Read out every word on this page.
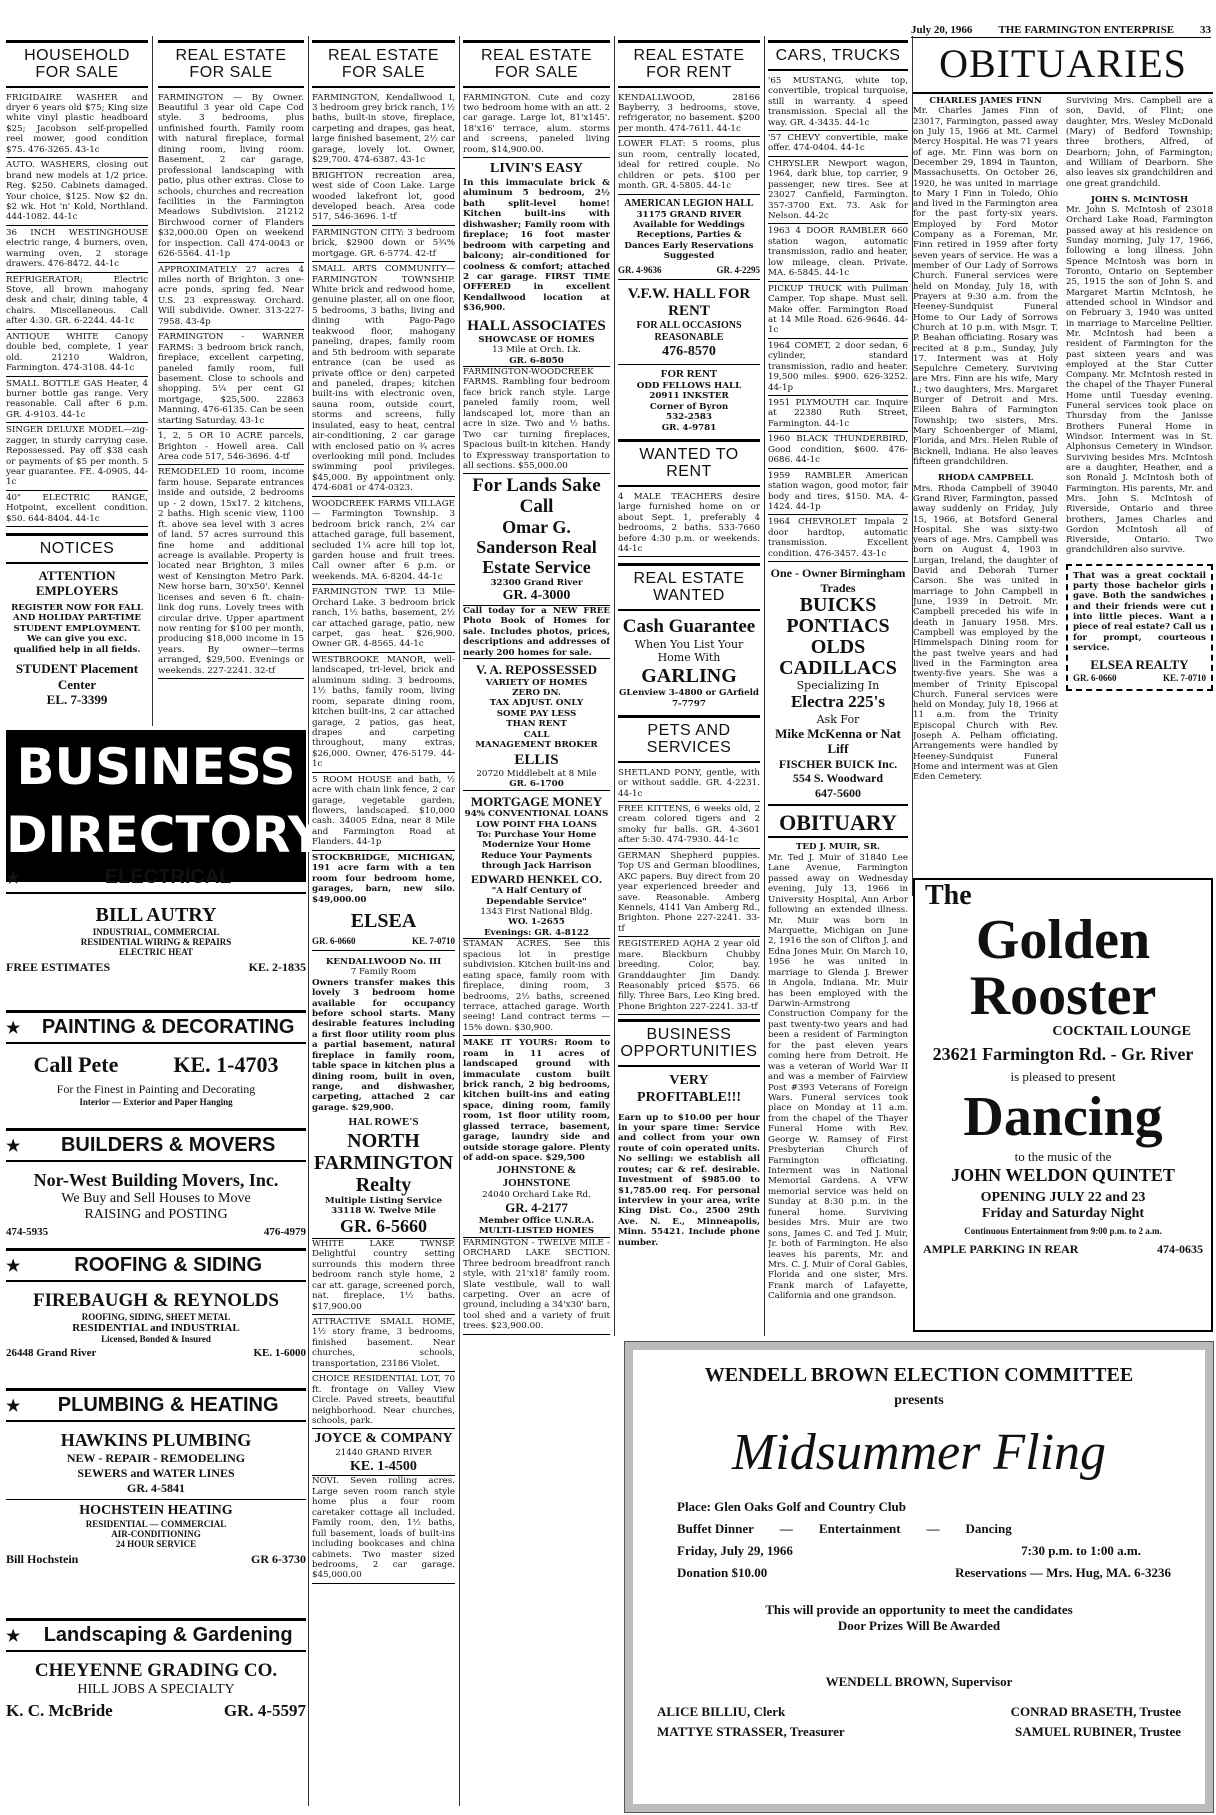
July 20, 1966 THE FARMINGTON ENTERPRISE 33
HOUSEHOLD FOR SALE
FRIGIDAIRE WASHER and dryer 6 years old $75; King size white vinyl plastic headboard $25; Jacobson self-propelled reel mower, good condition $75. 476-3265. 43-1c
AUTO. WASHERS, closing out brand new models at 1/2 price. Reg. $250. Cabinets damaged. Your choice, $125. Now $2 dn. $2 wk. Hot 'n' Kold, Northland. 444-1082. 44-1c
36 INCH WESTINGHOUSE electric range, 4 burners, oven, warming oven, 2 storage drawers. 476-8472. 44-1c
REFRIGERATOR; Electric Stove, all brown mahogany desk and chair, dining table, 4 chairs. Miscellaneous. Call after 4:30. GR. 6-2244. 44-1c
ANTIQUE WHITE Canopy double bed, complete, 1 year old. 21210 Waldron, Farmington. 474-3108. 44-1c
SMALL BOTTLE GAS Heater, 4 burner bottle gas range. Very reasonable. Call after 6 p.m. GR. 4-9103. 44-1c
SINGER DELUXE MODEL—zig-zagger, in sturdy carrying case. Repossessed. Pay off $38 cash or payments of $5 per month. 5 year guarantee. FE. 4-0905. 44-1c
40" ELECTRIC RANGE, Hotpoint, excellent condition. $50. 644-8404. 44-1c
NOTICES
ATTENTION EMPLOYERS
REGISTER NOW FOR FALL AND HOLIDAY PART-TIME STUDENT EMPLOYMENT. We can give you exc. qualified help in all fields.
STUDENT Placement Center
EL. 7-3399
BUSINESS
DIRECTORY
★	ELECTRICAL
BILL AUTRY
INDUSTRIAL, COMMERCIAL
RESIDENTIAL WIRING & REPAIRS
ELECTRIC HEAT
FREE ESTIMATES	KE. 2-1835
★	PAINTING & DECORATING
Call Pete KE. 1-4703
For the Finest in Painting and Decorating
Interior — Exterior and Paper Hanging
★	BUILDERS & MOVERS
Nor-West Building Movers, Inc.
We Buy and Sell Houses to Move
RAISING and POSTING
474-5935	476-4979
★	ROOFING & SIDING
FIREBAUGH & REYNOLDS
ROOFING, SIDING, SHEET METAL
RESIDENTIAL and INDUSTRIAL
Licensed, Bonded & Insured
26448 Grand River	KE. 1-6000
★	PLUMBING & HEATING
HAWKINS PLUMBING
NEW - REPAIR - REMODELING
SEWERS and WATER LINES
GR. 4-5841
HOCHSTEIN HEATING
RESIDENTIAL — COMMERCIAL
AIR-CONDITIONING
24 HOUR SERVICE
Bill Hochstein	GR 6-3730
★	Landscaping & Gardening
CHEYENNE GRADING CO.
HILL JOBS A SPECIALTY
K. C. McBride	GR. 4-5597
REAL ESTATE FOR SALE
FARMINGTON — By Owner. Beautiful 3 year old Cape Cod style. 3 bedrooms, plus unfinished fourth. Family room with natural fireplace, formal dining room, living room. Basement, 2 car garage, professional landscaping with patio, plus other extras. Close to schools, churches and recreation facilities in the Farmington Meadows Subdivision. 21212 Birchwood corner of Flanders $32,000.00 Open on weekend for inspection. Call 474-0043 or 626-5564. 41-1p
APPROXIMATELY 27 acres 4 miles north of Brighton. 3 one-acre ponds, spring fed. Near U.S. 23 expressway. Orchard. Will subdivide. Owner. 313-227-7958. 43-4p
FARMINGTON - WARNER FARMS: 3 bedroom brick ranch, fireplace, excellent carpeting, paneled family room, full basement. Close to schools and shopping. 5¼ per cent GI mortgage, $25,500. 22863 Manning. 476-6135. Can be seen starting Saturday. 43-1c
1, 2, 5 OR 10 ACRE parcels, Brighton - Howell area. Call Area code 517, 546-3696. 4-tf
REMODELED 10 room, income farm house. Separate entrances inside and outside, 2 bedrooms up - 2 down, 15x17. 2 kitchens, 2 baths. High scenic view, 1100 ft. above sea level with 3 acres of land. 57 acres surround this fine home and additional acreage is available. Property is located near Brighton, 3 miles west of Kensington Metro Park. New horse barn, 30'x50'. Kennel licenses and seven 6 ft. chain-link dog runs. Lovely trees with circular drive. Upper apartment now renting for $100 per month, producing $18,000 income in 15 years. By owner—terms arranged, $29,500. Evenings or weekends. 227-2241. 32-tf
REAL ESTATE FOR SALE
FARMINGTON, Kendallwood I, 3 bedroom grey brick ranch, 1½ baths, built-in stove, fireplace, carpeting and drapes, gas heat, large finished basement, 2½ car garage, lovely lot. Owner, $29,700. 474-6387. 43-1c
BRIGHTON recreation area, west side of Coon Lake. Large wooded lakefront lot, good developed beach. Area code 517, 546-3696. 1-tf
FARMINGTON CITY: 3 bedroom brick, $2900 down or 5¾% mortgage. GR. 6-5774. 42-tf
SMALL ARTS COMMUNITY—FARMINGTON TOWNSHIP. White brick and redwood home, genuine plaster, all on one floor, 5 bedrooms, 3 baths, living and dining with Pago-Pago teakwood floor, mahogany paneling, drapes, family room and 5th bedroom with separate entrance (can be used as private office or den) carpeted and paneled, drapes; kitchen built-ins with electronic oven, sauna room, outside court, storms and screens, fully insulated, easy to heat, central air-conditioning, 2 car garage with enclosed patio on ¾ acres overlooking mill pond. Includes swimming pool privileges. $45,000. By appointment only. 474-6081 or 474-0323.
WOODCREEK FARMS VILLAGE — Farmington Township. 3 bedroom brick ranch, 2¼ car attached garage, full basement, secluded 1¼ acre hill top lot, garden house and fruit trees. Call owner after 6 p.m. or weekends. MA. 6-8204. 44-1c
FARMINGTON TWP. 13 Mile-Orchard Lake. 3 bedroom brick ranch, 1½ baths, basement, 2½ car attached garage, patio, new carpet, gas heat. $26,900. Owner GR. 4-8565. 44-1c
WESTBROOKE MANOR, well-landscaped, tri-level, brick and aluminum siding. 3 bedrooms, 1½ baths, family room, living room, separate dining room, kitchen built-ins, 2 car attached garage, 2 patios, gas heat, drapes and carpeting throughout, many extras, $26,000. Owner, 476-5179. 44-1c
5 ROOM HOUSE and bath, ½ acre with chain link fence, 2 car garage, vegetable garden, flowers, landscaped. $10,000 cash. 34005 Edna, near 8 Mile and Farmington Road at Flanders. 44-1p
STOCKBRIDGE, MICHIGAN, 191 acre farm with a ten room four bedroom home, garages, barn, new silo. $49,000.00
ELSEA
GR. 6-0660	KE. 7-0710
KENDALLWOOD No. III
7 Family Room
Owners transfer makes this lovely 3 bedroom home available for occupancy before school starts. Many desirable features including a first floor utility room plus a partial basement, natural fireplace in family room, table space in kitchen plus a dining room, built in oven, range, and dishwasher, carpeting, attached 2 car garage. $29,900.
HAL ROWE'S
NORTH FARMINGTON Realty
Multiple Listing Service 33118 W. Twelve Mile
GR. 6-5660
WHITE LAKE TWNSP. Delightful country setting surrounds this modern three bedroom ranch style home, 2 car att. garage, screened porch, nat. fireplace, 1½ baths. $17,900.00
ATTRACTIVE SMALL HOME, 1½ story frame, 3 bedrooms, finished basement. Near churches, schools, transportation, 23186 Violet.
CHOICE RESIDENTIAL LOT, 70 ft. frontage on Valley View Circle. Paved streets, beautiful neighborhood. Near churches, schools, park.
JOYCE & COMPANY
21440 GRAND RIVER
KE. 1-4500
NOVI. Seven rolling acres. Large seven room ranch style home plus a four room caretaker cottage all included. Family room, den, 1½ baths, full basement, loads of built-ins including bookcases and china cabinets. Two master sized bedrooms, 2 car garage. $45,000.00
REAL ESTATE FOR SALE
FARMINGTON. Cute and cozy two bedroom home with an att. 2 car garage. Large lot, 81'x145'. 18'x16' terrace, alum. storms and screens, paneled living room, $14,900.00.
LIVIN'S EASY
In this immaculate brick & aluminum 5 bedroom, 2½ bath split-level home! Kitchen built-ins with dishwasher; Family room with fireplace; 16 foot master bedroom with carpeting and balcony; air-conditioned for coolness & comfort; attached 2 car garage. FIRST TIME OFFERED in excellent Kendallwood location at $36,900.
HALL ASSOCIATES
SHOWCASE OF HOMES
13 Mile at Orch. Lk.
GR. 6-8050
FARMINGTON-WOODCREEK FARMS. Rambling four bedroom face brick ranch style. Large paneled family room, well landscaped lot, more than an acre in size. Two and ½ baths. Two car turning fireplaces, Spacious built-in kitchen. Handy to Expressway transportation to all sections. $55,000.00
For Lands Sake Call
Omar G. Sanderson Real Estate Service
32300 Grand River
GR. 4-3000
Call today for a NEW FREE Photo Book of Homes for sale. Includes photos, prices, descriptions and addresses of nearly 200 homes for sale.
V. A. REPOSSESSED
VARIETY OF HOMES
ZERO DN.
TAX ADJUST. ONLY
SOME PAY LESS
THAN RENT
CALL
MANAGEMENT BROKER
ELLIS
20720 Middlebelt at 8 Mile
GR. 6-1700
MORTGAGE MONEY
94% CONVENTIONAL LOANS
LOW POINT FHA LOANS
To: Purchase Your Home
Modernize Your Home
Reduce Your Payments
through Jack Harrison
EDWARD HENKEL CO.
"A Half Century of Dependable Service"
1343 First National Bldg.
WO. 1-2655
Evenings: GR. 4-8122
STAMAN ACRES. See this spacious lot in prestige subdivision. Kitchen built-ins and eating space, family room with fireplace, dining room, 3 bedrooms, 2½ baths, screened terrace, attached garage. Worth seeing! Land contract terms — 15% down. $30,900.
MAKE IT YOURS: Room to roam in 11 acres of landscaped ground with immaculate custom built brick ranch, 2 big bedrooms, kitchen built-ins and eating space, dining room, family room, 1st floor utility room, glassed terrace, basement, garage, laundry side and outside storage galore. Plenty of add-on space. $29,500
JOHNSTONE & JOHNSTONE
24040 Orchard Lake Rd.
GR. 4-2177
Member Office U.N.R.A. MULTI-LISTED HOMES
FARMINGTON - TWELVE MILE - ORCHARD LAKE SECTION. Three bedroom breadfront ranch style, with 21'x18' family room. Slate vestibule, wall to wall carpeting. Over an acre of ground, including a 34'x30' barn, tool shed and a variety of fruit trees. $23,900.00.
REAL ESTATE FOR RENT
KENDALLWOOD, 28166 Bayberry, 3 bedrooms, stove, refrigerator, no basement. $200 per month. 474-7611. 44-1c
LOWER FLAT: 5 rooms, plus sun room, centrally located, ideal for retired couple. No children or pets. $100 per month. GR. 4-5805. 44-1c
AMERICAN LEGION HALL
31175 GRAND RIVER
Available for Weddings Receptions, Parties & Dances Early Reservations Suggested
GR. 4-9636	GR. 4-2295
V.F.W. HALL FOR RENT
FOR ALL OCCASIONS REASONABLE
476-8570
FOR RENT
ODD FELLOWS HALL
20911 INKSTER
Corner of Byron
532-2583
GR. 4-9781
WANTED TO RENT
4 MALE TEACHERS desire large furnished home on or about Sept. 1, preferably 4 bedrooms, 2 baths. 533-7660 before 4:30 p.m. or weekends. 44-1c
REAL ESTATE WANTED
Cash Guarantee
When You List Your Home With
GARLING
GLenview 3-4800 or GArfield 7-7797
PETS AND SERVICES
SHETLAND PONY, gentle, with or without saddle. GR. 4-2231. 44-1c
FREE KITTENS, 6 weeks old, 2 cream colored tigers and 2 smoky fur balls. GR. 4-3601 after 5:30. 474-7930. 44-1c
GERMAN Shepherd puppies. Top US and German bloodlines, AKC papers. Buy direct from 20 year experienced breeder and save. Reasonable. Amberg Kennels, 4141 Van Amberg Rd., Brighton. Phone 227-2241. 33-tf
REGISTERED AQHA 2 year old mare. Blackburn Chubby breeding. Color, bay. Granddaughter Jim Dandy. Reasonably priced $575. 66 filly. Three Bars, Leo King bred. Phone Brighton 227-2241. 33-tf
BUSINESS OPPORTUNITIES
VERY PROFITABLE!!!
Earn up to $10.00 per hour in your spare time: Service and collect from your own route of coin operated units. No selling: we establish all routes; car & ref. desirable. Investment of $985.00 to $1,785.00 req. For personal interview in your area, write King Dist. Co., 2500 29th Ave. N. E., Minneapolis, Minn. 55421. Include phone number.
CARS, TRUCKS
'65 MUSTANG, white top, convertible, tropical turquoise, still in warranty. 4 speed transmission. Special all the way. GR. 4-3435. 44-1c
'57 CHEVY convertible, make offer. 474-0404. 44-1c
CHRYSLER Newport wagon, 1964, dark blue, top carrier, 9 passenger, new tires. See at 23027 Canfield, Farmington. 357-3700 Ext. 73. Ask for Nelson. 44-2c
1963 4 DOOR RAMBLER 660 station wagon, automatic transmission, radio and heater, low mileage, clean. Private. MA. 6-5845. 44-1c
PICKUP TRUCK with Pullman Camper. Top shape. Must sell. Make offer. Farmington Road at 14 Mile Road. 626-9646. 44-1c
1964 COMET, 2 door sedan, 6 cylinder, standard transmission, radio and heater. 19,500 miles. $900. 626-3252. 44-1p
1951 PLYMOUTH car. Inquire at 22380 Ruth Street, Farmington. 44-1c
1960 BLACK THUNDERBIRD, Good condition, $600. 476-0686. 44-1c
1959 RAMBLER American station wagon, good motor, fair body and tires, $150. MA. 4-1424. 44-1p
1964 CHEVROLET Impala 2 door hardtop, automatic transmission. Excellent condition. 476-3457. 43-1c
One - Owner Birmingham Trades
BUICKS
PONTIACS
OLDS
CADILLACS
Specializing In
Electra 225's
Ask For
Mike McKenna or Nat Liff
FISCHER BUICK Inc.
554 S. Woodward
647-5600
OBITUARY
TED J. MUIR, SR.
Mr. Ted J. Muir of 31840 Lee Lane Avenue, Farmington passed away on Wednesday evening, July 13, 1966 in University Hospital, Ann Arbor following an extended illness. Mr. Muir was born in Marquette, Michigan on June 2, 1916 the son of Clifton J. and Edna Jones Muir. On March 10, 1956 he was united in marriage to Glenda J. Brewer in Angola, Indiana. Mr. Muir has been employed with the Darwin-Armstrong Construction Company for the past twenty-two years and had been a resident of Farmington for the past eleven years coming here from Detroit. He was a veteran of World War II and was a member of Fairview Post #393 Veterans of Foreign Wars. Funeral services took place on Monday at 11 a.m. from the chapel of the Thayer Funeral Home with Rev. George W. Ramsey of First Presbyterian Church of Farmington officiating. Interment was in National Memorial Gardens. A VFW memorial service was held on Sunday at 8:30 p.m. in the funeral home. Surviving besides Mrs. Muir are two sons, James C. and Ted J. Muir, Jr. both of Farmington. He also leaves his parents, Mr. and Mrs. C. J. Muir of Coral Gables, Florida and one sister, Mrs. Frank march of Lafayette, California and one grandson.
OBITUARIES
CHARLES JAMES FINN
Mr. Charles James Finn of 23017, Farmington, passed away on July 15, 1966 at Mt. Carmel Mercy Hospital. He was 71 years of age. Mr. Finn was born on December 29, 1894 in Taunton, Massachusetts. On October 26, 1920, he was united in marriage to Mary I Finn in Toledo, Ohio and lived in the Farmington area for the past forty-six years. Employed by Ford Motor Company as a Foreman, Mr. Finn retired in 1959 after forty seven years of service. He was a member of Our Lady of Sorrows Church. Funeral services were held on Monday, July 18, with Prayers at 9:30 a.m. from the Heeney-Sundquist Funeral Home to Our Lady of Sorrows Church at 10 p.m. with Msgr. T. P. Beahan officiating. Rosary was recited at 8 p.m., Sunday, July 17. Interment was at Holy Sepulchre Cemetery. Surviving are Mrs. Finn are his wife, Mary I.; two daughters, Mrs. Margaret Burger of Detroit and Mrs. Eileen Bahra of Farmington Township; two sisters, Mrs. Mary Schoenberger of Miami, Florida, and Mrs. Helen Ruble of Bicknell, Indiana. He also leaves fifteen grandchildren.
RHODA CAMPBELL
Mrs. Rhoda Campbell of 39040 Grand River, Farmington, passed away suddenly on Friday, July 15, 1966, at Botsford General Hospital. She was sixty-two years of age. Mrs. Campbell was born on August 4, 1903 in Lurgan, Ireland, the daughter of David and Deborah Turner Carson. She was united in marriage to John Campbell in June, 1939 in Detroit. Mr. Campbell preceded his wife in death in January 1958. Mrs. Campbell was employed by the Himmelspach Dining room for the past twelve years and had lived in the Farmington area twenty-five years. She was a member of Trinity Episcopal Church. Funeral services were held on Monday, July 18, 1966 at 11 a.m. from the Trinity Episcopal Church with Rev. Joseph A. Pelham officiating. Arrangements were handled by Heeney-Sundquist Funeral Home and interment was at Glen Eden Cemetery.
Surviving Mrs. Campbell are a son, David, of Flint; one daughter, Mrs. Wesley McDonald (Mary) of Bedford Township; three brothers, Alfred, of Dearborn; John, of Farmington; and William of Dearborn. She also leaves six grandchildren and one great grandchild.
JOHN S. McINTOSH
Mr. John S. McIntosh of 23018 Orchard Lake Road, Farmington passed away at his residence on Sunday morning, July 17, 1966, following a long illness. John Spence McIntosh was born in Toronto, Ontario on September 25, 1915 the son of John S. and Margaret Martin McIntosh, he attended school in Windsor and on February 3, 1940 was united in marriage to Marceline Pelltier. Mr. McIntosh had been a resident of Farmington for the past sixteen years and was employed at the Star Cutter Company. Mr. McIntosh rested in the chapel of the Thayer Funeral Home until Tuesday evening. Funeral services took place on Thursday from the Janisse Brothers Funeral Home in Windsor. Interment was in St. Alphonsus Cemetery in Windsor. Surviving besides Mrs. McIntosh are a daughter, Heather, and a son Ronald J. McIntosh both of Farmington. His parents, Mr. and Mrs. John S. McIntosh of Riverside, Ontario and three brothers, James Charles and Gordon McIntosh all of Riverside, Ontario. Two grandchildren also survive.
That was a great cocktail party those bachelor girls gave. Both the sandwiches and their friends were cut into little pieces. Want a piece of real estate? Call us for prompt, courteous service.
ELSEA REALTY
GR. 6-0660	KE. 7-0710
The
Golden Rooster
COCKTAIL LOUNGE
23621 Farmington Rd. - Gr. River
is pleased to present
Dancing
to the music of the
JOHN WELDON QUINTET
OPENING JULY 22 and 23
Friday and Saturday Night
Continuous Entertainment from 9:00 p.m. to 2 a.m.
AMPLE PARKING IN REAR	474-0635
WENDELL BROWN ELECTION COMMITTEE
presents
Midsummer Fling
Place: Glen Oaks Golf and Country Club
Buffet Dinner — Entertainment — Dancing
Friday, July 29, 1966	7:30 p.m. to 1:00 a.m.
Donation $10.00	Reservations — Mrs. Hug, MA. 6-3236
This will provide an opportunity to meet the candidates
Door Prizes Will Be Awarded
WENDELL BROWN, Supervisor
ALICE BILLIU, Clerk	CONRAD BRASETH, Trustee
MATTYE STRASSER, Treasurer	SAMUEL RUBINER, Trustee
